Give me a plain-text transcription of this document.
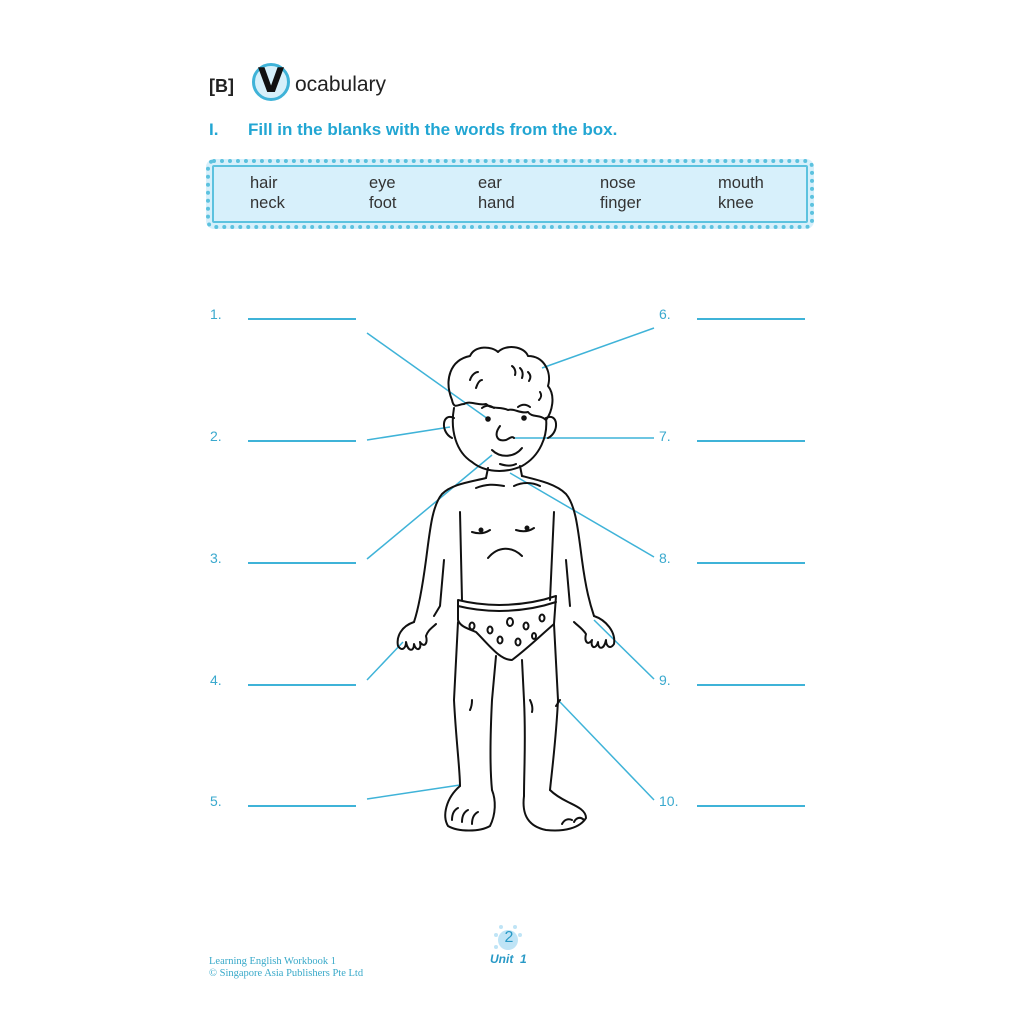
[B] V ocabulary
I. Fill in the blanks with the words from the box.
hair	eye	ear	nose	mouth
neck	foot	hand	finger	knee
1.
2.
3.
4.
5.
6.
7.
8.
9.
10.
Learning English Workbook 1
© Singapore Asia Publishers Pte Ltd
2
Unit  1
